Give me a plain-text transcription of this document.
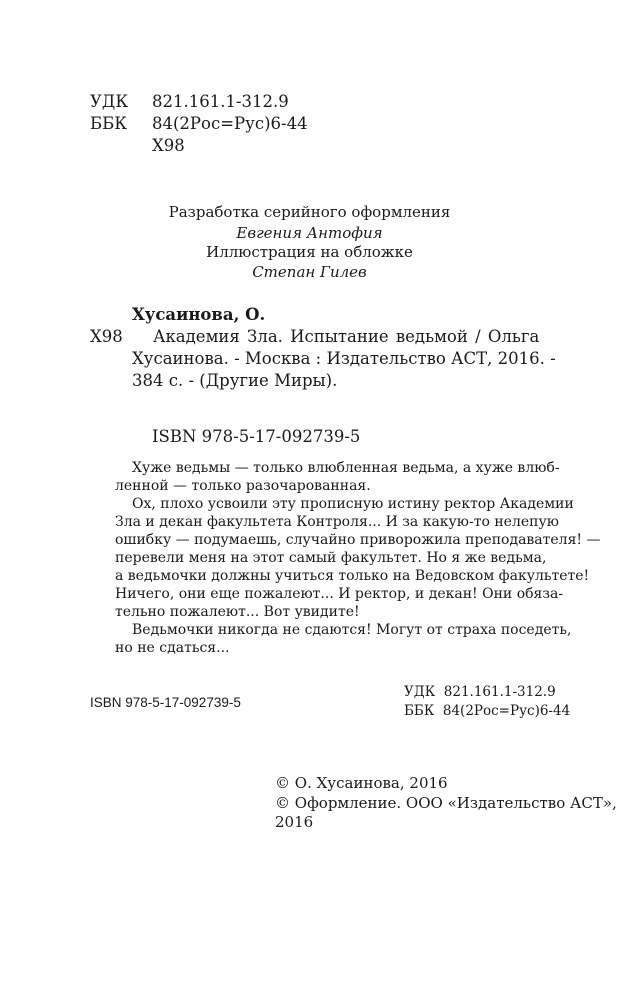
УДК 821.161.1-312.9
ББК 84(2Рос=Рус)6-44
Х98
Разработка серийного оформления
Евгения Антофия
Иллюстрация на обложке
Степан Гилев
Хусаинова, О.
Х98 Академия Зла. Испытание ведьмой / Ольга
Хусаинова. - Москва : Издательство АСТ, 2016. -
384 с. - (Другие Миры).
ISBN 978-5-17-092739-5
Хуже ведьмы — только влюбленная ведьма, а хуже влюб-
ленной — только разочарованная.
Ох, плохо усвоили эту прописную истину ректор Академии
Зла и декан факультета Контроля... И за какую-то нелепую
ошибку — подумаешь, случайно приворожила преподавателя! —
перевели меня на этот самый факультет. Но я же ведьма,
а ведьмочки должны учиться только на Ведовском факультете!
Ничего, они еще пожалеют... И ректор, и декан! Они обяза-
тельно пожалеют... Вот увидите!
Ведьмочки никогда не сдаются! Могут от страха поседеть,
но не сдаться...
ISBN 978-5-17-092739-5
УДК  821.161.1-312.9
ББК  84(2Рос=Рус)6-44
© О. Хусаинова, 2016
© Оформление. ООО «Издательство АСТ»,
2016
